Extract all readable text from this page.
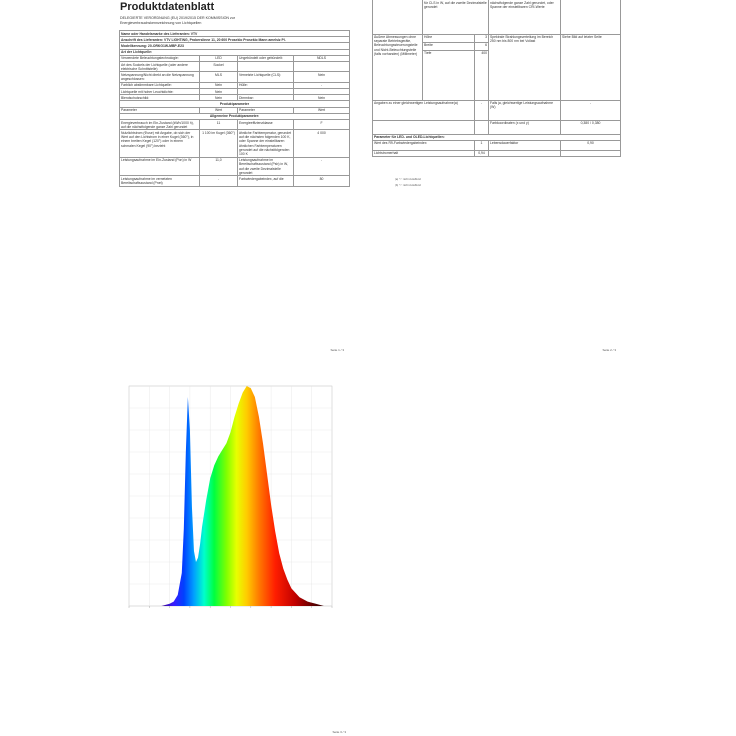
Produktdatenblatt
DELEGIERTE VERORDNUNG (EU) 2019/2015 DER KOMMISSION zur
Energieverbrauchskennzeichnung von Lichtquellen
Name oder Handelsmarke des Lieferanten: VTV			
Anschrift des Lieferanten: VTV LIGHTING, Proberslinne 11, 20 600 Proseklo Proseklo Mann amelsiz Pl.			
Modellkennung: 20-ORKG1W-MBP-E23			
Art der Lichtquelle:			
Verwendete Beleuchtungstechnologie:	LED	Ungebündelt oder gebündelt:	NDLS
Art des Sockels der Lichtquelle (oder andere elektrische Schnittstelle)	Sockel		
Netzspannung/Nicht direkt an die Netzspannung angeschlossen:	MLS	Vernetzte Lichtquelle (CLS):	Nein
Farblich abstimmbare Lichtquelle:	Nein	Hülle:	-
Lichtquelle mit hoher Leuchtdichte:	Nein		
Blendschutzschild:	Nein	Dimmbar:	Nein
Produktparameter			
Parameter	Wert	Parameter	Wert
Allgemeine Produktparameter:			
Energieverbrauch im Ein-Zustand (kWh/1000 h), auf die nächstfolgende ganze Zahl gerundet	11	Energieeffizienzklasse	F
Nutzlichtstrom (Φuse) mit Angabe, ob sich der Wert auf den Lichtstrom in einer Kugel (360°), in einem breiten Kegel (120°) oder in einem schmalen Kegel (90°) bezieht	1 100 im Kugel (360°)	ähnliche Farbtemperatur, gerundet auf die nächsten folgenden 100 K, oder Spanne der einstellbaren ähnlichen Farbtemperaturen gerundet auf die nächstfolgenden 100 K	4 000
Leistungsaufnahme im Ein-Zustand (Pon) in W	11,0	Leistungsaufnahme im Bereitschaftszustand (Psb) in W, auf die zweite Dezimalstelle gerundet	-
Leistungsaufnahme im vernetzten Bereitschaftszustand (Pnet)	-	Farbwiedergabeindex, auf die	80
Seite 1 / 3
	für CLS in W, auf die zweite Dezimalstelle gerundet		nächstfolgende ganze Zahl gerundet, oder Spanne der einstellbaren CRI-Werte	
Äußere Abmessungen ohne separate Betriebsgeräte, Beleuchtungssteuerungsteile und Nicht-Beleuchtungsteile (falls vorhanden) (Millimeter)	Höhe	3	Spektrale Strahlungsverteilung im Bereich 250 nm bis 800 nm bei Vollast	Siehe Bild auf letzter Seite
	Breite	6		
	Tiefe	400		
Angaben zu einer gleichwertigen Leistungsaufnahme(a)		-	Falls ja, gleichwertige Leistungsaufnahme (W)	-
			Farbkoordinaten (x und y)	0,380 / 0,380
Parameter für LED- und OLED-Lichtquellen:				
Wert des R9-Farbwiedergabeindex		1	Lebensdauerfaktor	0,90
Lichtstromerhalt		0,94		
(a) "-": nicht zutreffend
(b) "-": nicht zutreffend
Seite 2 / 3
Seite 3 / 3
